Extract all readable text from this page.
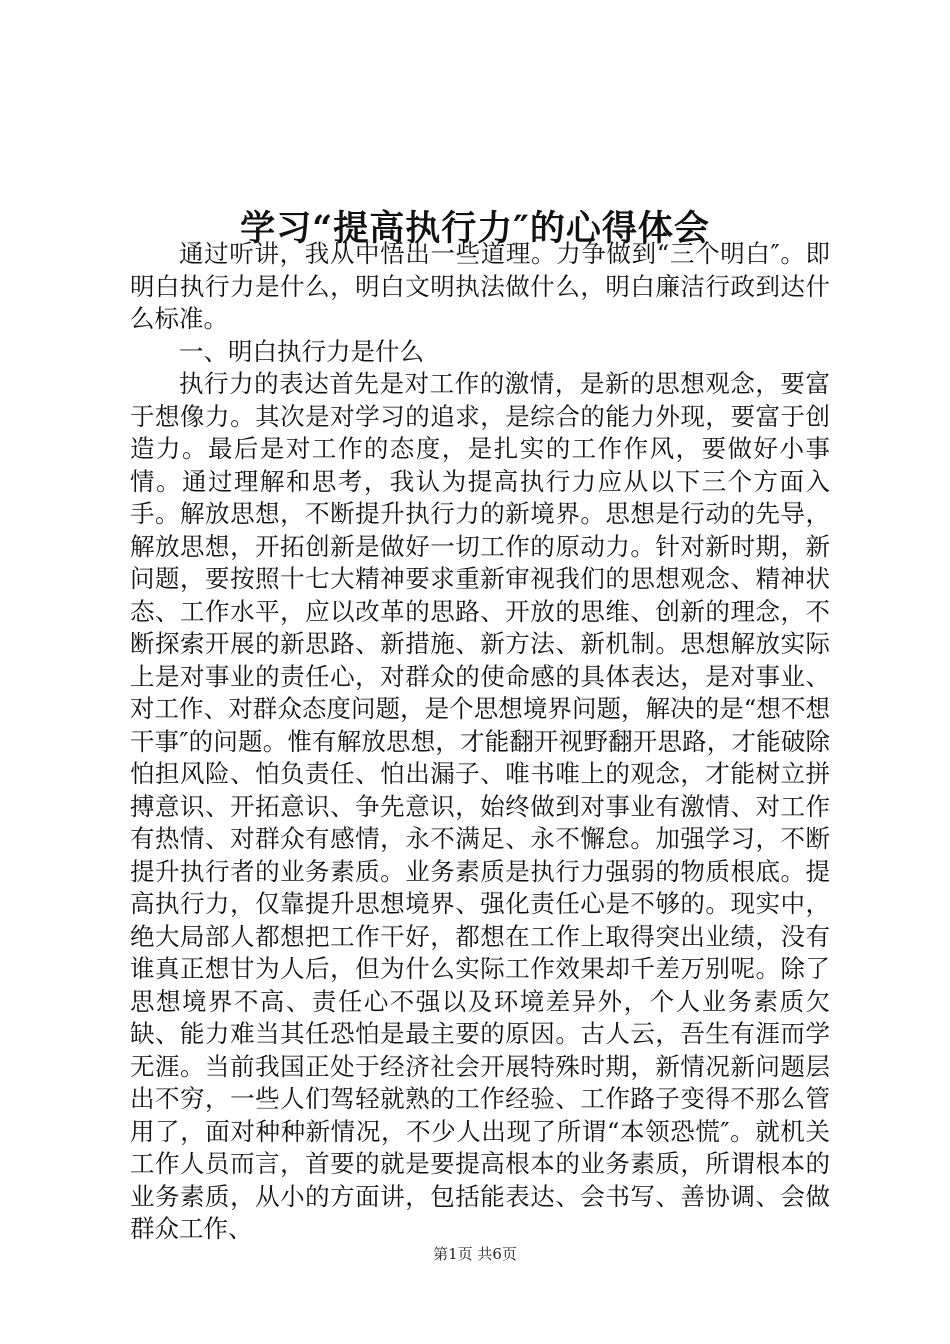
学习“提高执行力″的心得体会

通过听讲，我从中悟出一些道理。力争做到“三个明白″。即明白执行力是什么，明白文明执法做什么，明白廉洁行政到达什么标准。

一、明白执行力是什么

执行力的表达首先是对工作的激情，是新的思想观念，要富于想像力。其次是对学习的追求，是综合的能力外现，要富于创造力。最后是对工作的态度，是扎实的工作作风，要做好小事情。通过理解和思考，我认为提高执行力应从以下三个方面入手。解放思想，不断提升执行力的新境界。思想是行动的先导，解放思想，开拓创新是做好一切工作的原动力。针对新时期，新问题，要按照十七大精神要求重新审视我们的思想观念、精神状态、工作水平，应以改革的思路、开放的思维、创新的理念，不断探索开展的新思路、新措施、新方法、新机制。思想解放实际上是对事业的责任心，对群众的使命感的具体表达，是对事业、对工作、对群众态度问题，是个思想境界问题，解决的是“想不想干事″的问题。惟有解放思想，才能翻开视野翻开思路，才能破除怕担风险、怕负责任、怕出漏子、唯书唯上的观念，才能树立拼搏意识、开拓意识、争先意识，始终做到对事业有激情、对工作有热情、对群众有感情，永不满足、永不懈怠。加强学习，不断提升执行者的业务素质。业务素质是执行力强弱的物质根底。提高执行力，仅靠提升思想境界、强化责任心是不够的。现实中，绝大局部人都想把工作干好，都想在工作上取得突出业绩，没有谁真正想甘为人后，但为什么实际工作效果却千差万别呢。除了思想境界不高、责任心不强以及环境差异外，个人业务素质欠缺、能力难当其任恐怕是最主要的原因。古人云，吾生有涯而学无涯。当前我国正处于经济社会开展特殊时期，新情况新问题层出不穷，一些人们驾轻就熟的工作经验、工作路子变得不那么管用了，面对种种新情况，不少人出现了所谓“本领恐慌″。就机关工作人员而言，首要的就是要提高根本的业务素质，所谓根本的业务素质，从小的方面讲，包括能表达、会书写、善协调、会做群众工作、

第1页 共6页
